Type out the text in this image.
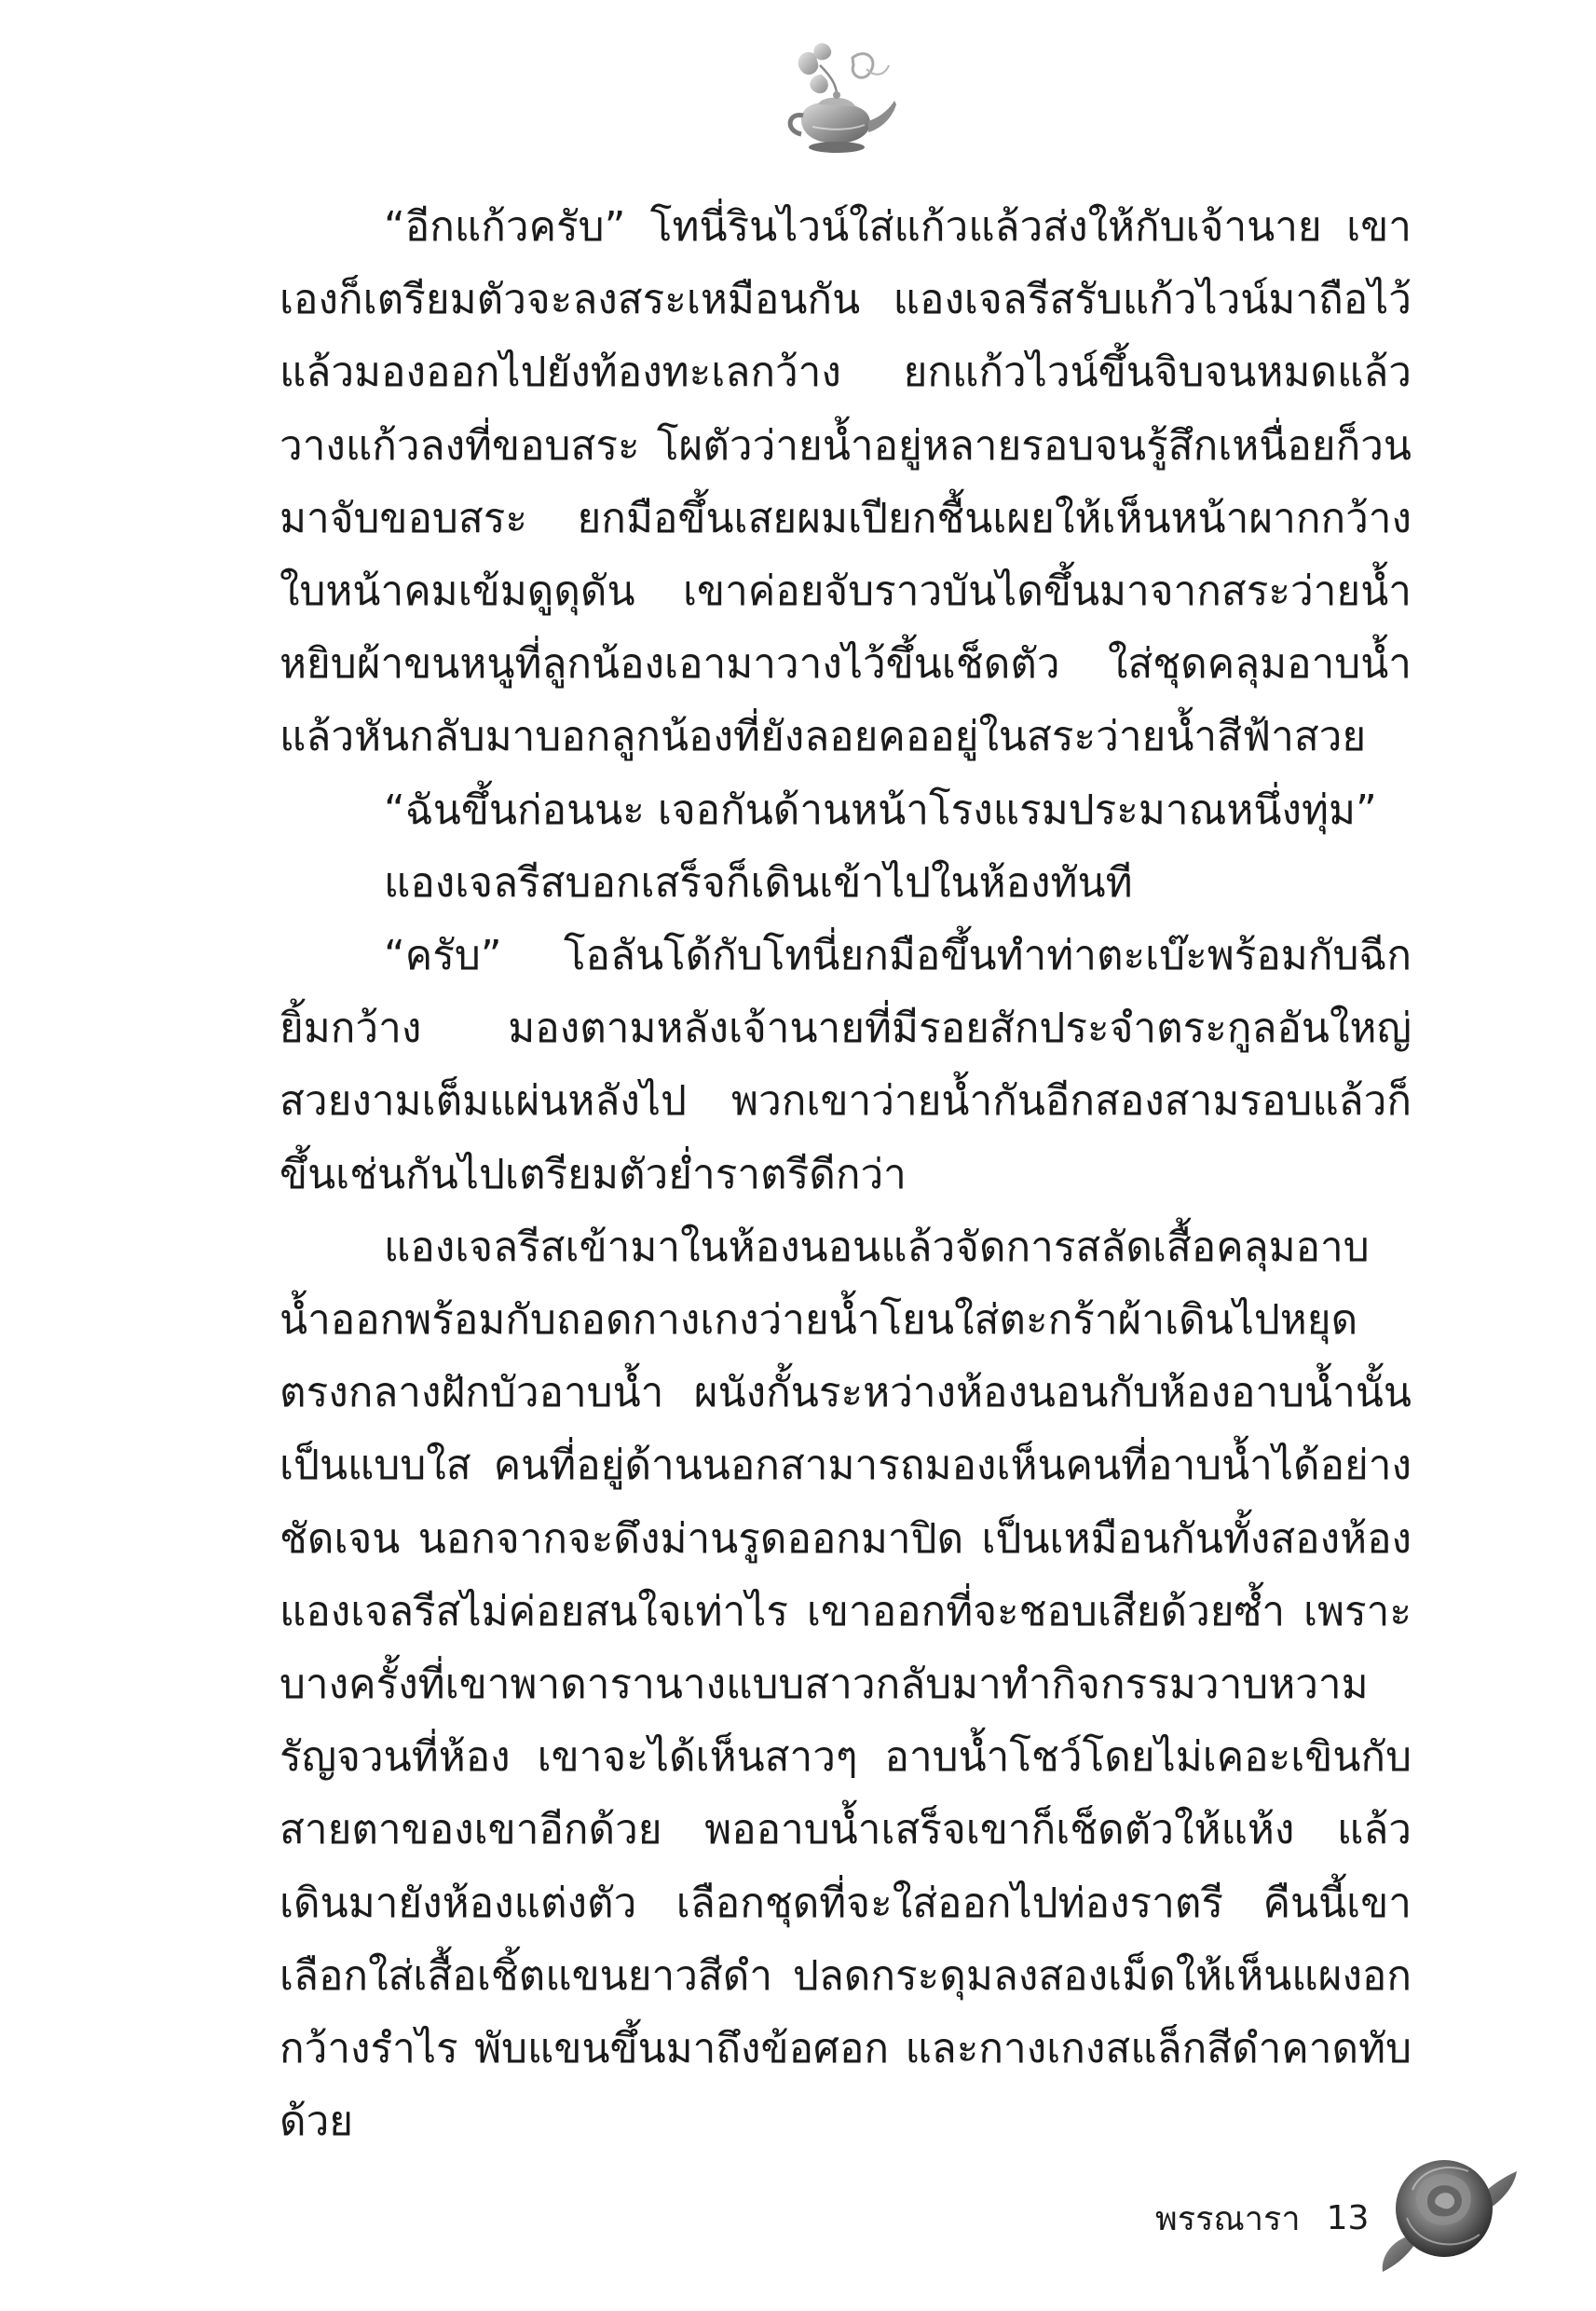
“อีกแก้วครับ” โทนี่รินไวน์ใส่แก้วแล้วส่งให้กับเจ้านาย เขาเองก็เตรียมตัวจะลงสระเหมือนกัน แองเจลรีสรับแก้วไวน์มาถือไว้แล้วมองออกไปยังท้องทะเลกว้าง ยกแก้วไวน์ขึ้นจิบจนหมดแล้ววางแก้วลงที่ขอบสระ โผตัวว่ายน้ำอยู่หลายรอบจนรู้สึกเหนื่อยก็วนมาจับขอบสระ ยกมือขึ้นเสยผมเปียกชื้นเผยให้เห็นหน้าผากกว้าง ใบหน้าคมเข้มดูดุดัน เขาค่อยจับราวบันไดขึ้นมาจากสระว่ายน้ำ หยิบผ้าขนหนูที่ลูกน้องเอามาวางไว้ขึ้นเช็ดตัว ใส่ชุดคลุมอาบน้ำแล้วหันกลับมาบอกลูกน้องที่ยังลอยคออยู่ในสระว่ายน้ำสีฟ้าสวย

“ฉันขึ้นก่อนนะ เจอกันด้านหน้าโรงแรมประมาณหนึ่งทุ่ม”

แองเจลรีสบอกเสร็จก็เดินเข้าไปในห้องทันที

“ครับ” โอลันโด้กับโทนี่ยกมือขึ้นทำท่าตะเบ๊ะพร้อมกับฉีกยิ้มกว้าง มองตามหลังเจ้านายที่มีรอยสักประจำตระกูลอันใหญ่สวยงามเต็มแผ่นหลังไป พวกเขาว่ายน้ำกันอีกสองสามรอบแล้วก็ขึ้นเช่นกันไปเตรียมตัวย่ำราตรีดีกว่า

แองเจลรีสเข้ามาในห้องนอนแล้วจัดการสลัดเสื้อคลุมอาบน้ำออกพร้อมกับถอดกางเกงว่ายน้ำโยนใส่ตะกร้าผ้าเดินไปหยุดตรงกลางฝักบัวอาบน้ำ ผนังกั้นระหว่างห้องนอนกับห้องอาบน้ำนั้นเป็นแบบใส คนที่อยู่ด้านนอกสามารถมองเห็นคนที่อาบน้ำได้อย่างชัดเจน นอกจากจะดึงม่านรูดออกมาปิด เป็นเหมือนกันทั้งสองห้อง แองเจลรีสไม่ค่อยสนใจเท่าไร เขาออกที่จะชอบเสียด้วยซ้ำ เพราะบางครั้งที่เขาพาดารานางแบบสาวกลับมาทำกิจกรรมวาบหวามรัญจวนที่ห้อง เขาจะได้เห็นสาวๆ อาบน้ำโชว์โดยไม่เคอะเขินกับสายตาของเขาอีกด้วย พออาบน้ำเสร็จเขาก็เช็ดตัวให้แห้ง แล้วเดินมายังห้องแต่งตัว เลือกชุดที่จะใส่ออกไปท่องราตรี คืนนี้เขาเลือกใส่เสื้อเชิ้ตแขนยาวสีดำ ปลดกระดุมลงสองเม็ดให้เห็นแผงอกกว้างรำไร พับแขนขึ้นมาถึงข้อศอก และกางเกงสแล็กสีดำคาดทับด้วย

พรรณารา 13
